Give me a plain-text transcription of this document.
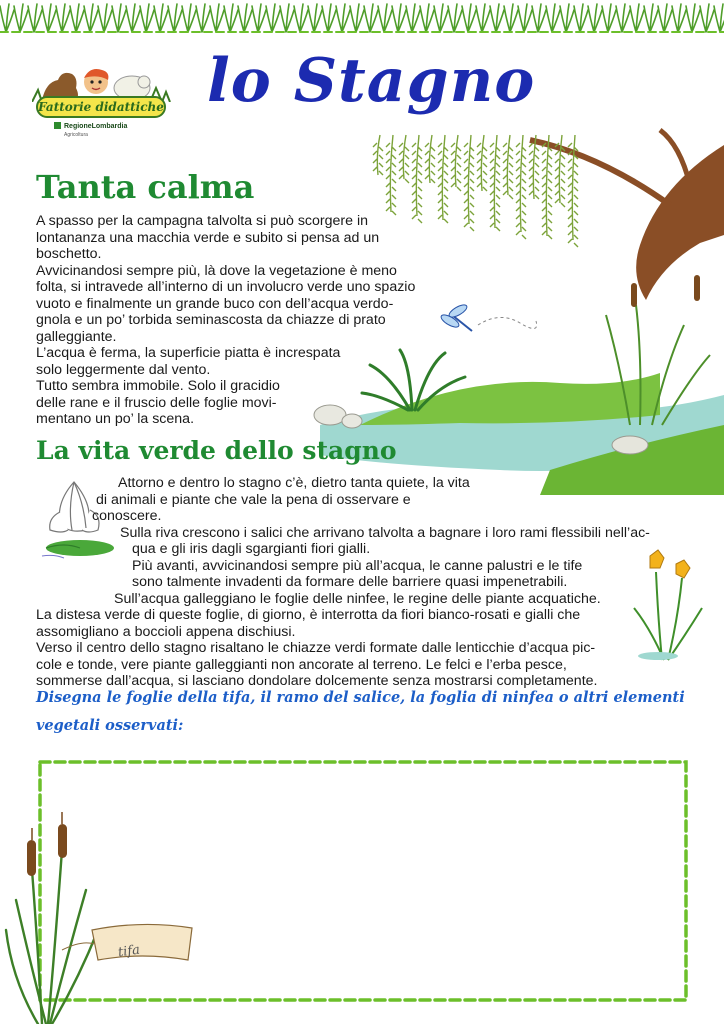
Fattorie didattiche
RegioneLombardia
Agricoltura
lo Stagno
Tanta calma
A spasso per la campagna talvolta si può scorgere in
lontananza una macchia verde e subito si pensa ad un
boschetto.
Avvicinandosi sempre più, là dove la vegetazione è meno
folta, si intravede all’interno di un involucro verde uno spazio
vuoto e finalmente un grande buco con dell’acqua verdo-
gnola e un po’ torbida seminascosta da chiazze di prato
galleggiante.
L’acqua è ferma, la superficie piatta è increspata
solo leggermente dal vento.
Tutto sembra immobile. Solo il gracidio
delle rane e il fruscio delle foglie movi-
mentano un po’ la scena.
La vita verde dello stagno
Attorno e dentro lo stagno c’è, dietro tanta quiete, la vita
di animali e piante che vale la pena di osservare e
conoscere.
Sulla riva crescono i salici che arrivano talvolta a bagnare i loro rami flessibili nell’ac-
qua e gli iris dagli sgargianti fiori gialli.
Più avanti, avvicinandosi sempre più all’acqua, le canne palustri e le tife
sono talmente invadenti da formare delle barriere quasi impenetrabili.
Sull’acqua galleggiano le foglie delle ninfee, le regine delle piante acquatiche.
La distesa verde di queste foglie, di giorno, è interrotta da fiori bianco-rosati e gialli che
assomigliano a boccioli appena dischiusi.
Verso il centro dello stagno risaltano le chiazze verdi formate dalle lenticchie d’acqua pic-
cole e tonde, vere piante galleggianti non ancorate al terreno. Le felci e l’erba pesce,
sommerse dall’acqua, si lasciano dondolare dolcemente senza mostrarsi completamente.
Disegna le foglie della tifa, il ramo del salice, la foglia di ninfea o altri elementi
vegetali osservati:
tifa
